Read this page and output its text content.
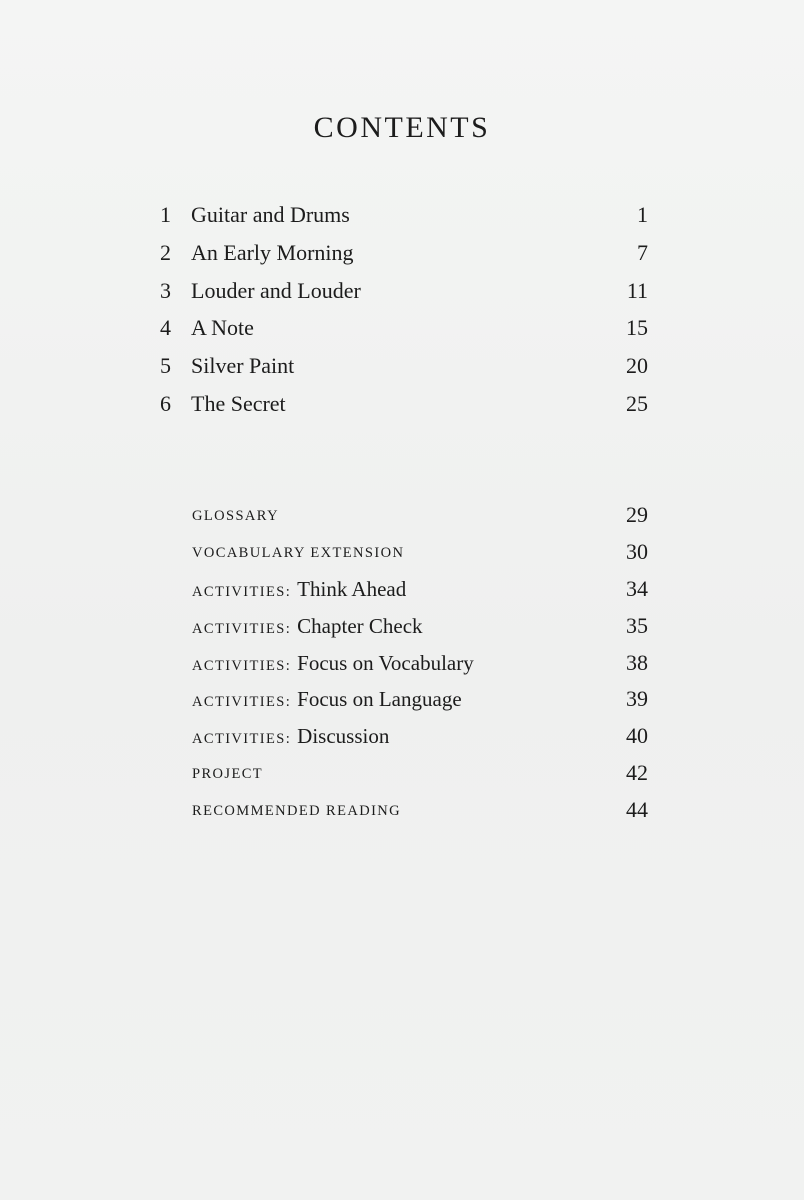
CONTENTS
1 Guitar and Drums	1
2 An Early Morning	7
3 Louder and Louder	11
4 A Note	15
5 Silver Paint	20
6 The Secret	25
GLOSSARY	29
VOCABULARY EXTENSION	30
ACTIVITIES: Think Ahead	34
ACTIVITIES: Chapter Check	35
ACTIVITIES: Focus on Vocabulary	38
ACTIVITIES: Focus on Language	39
ACTIVITIES: Discussion	40
PROJECT	42
RECOMMENDED READING	44
